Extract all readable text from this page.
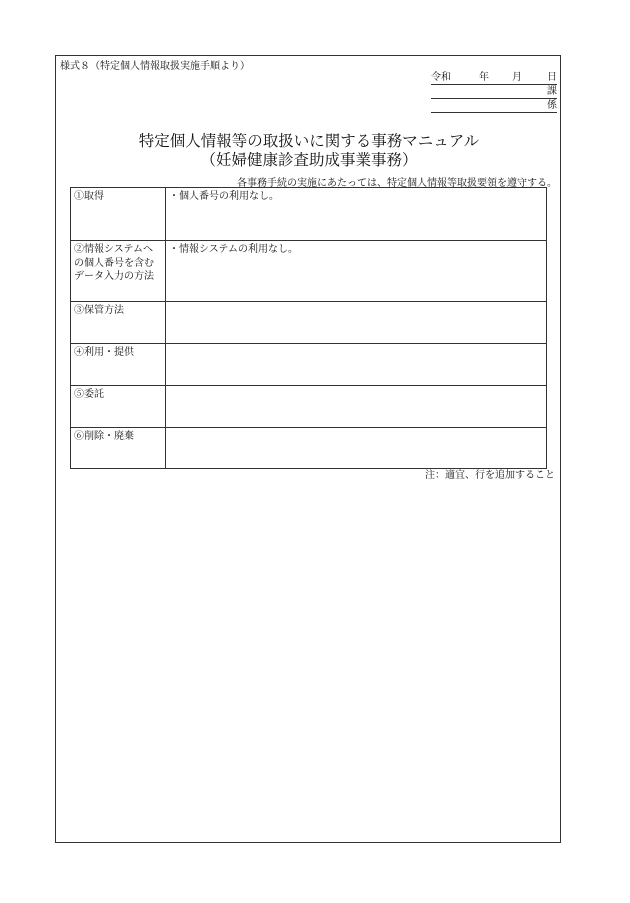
様式８（特定個人情報取扱実施手順より）
令和	年 月	日
課
係
特定個人情報等の取扱いに関する事務マニュアル
（妊婦健康診査助成事業事務）
各事務手続の実施にあたっては、特定個人情報等取扱要領を遵守する。
①取得	・個人番号の利用なし。
②情報システムへの個人番号を含むデータ入力の方法	・情報システムの利用なし。
③保管方法	
④利用・提供	
⑤委託	
⑥削除・廃棄	
注：適宜、行を追加すること
